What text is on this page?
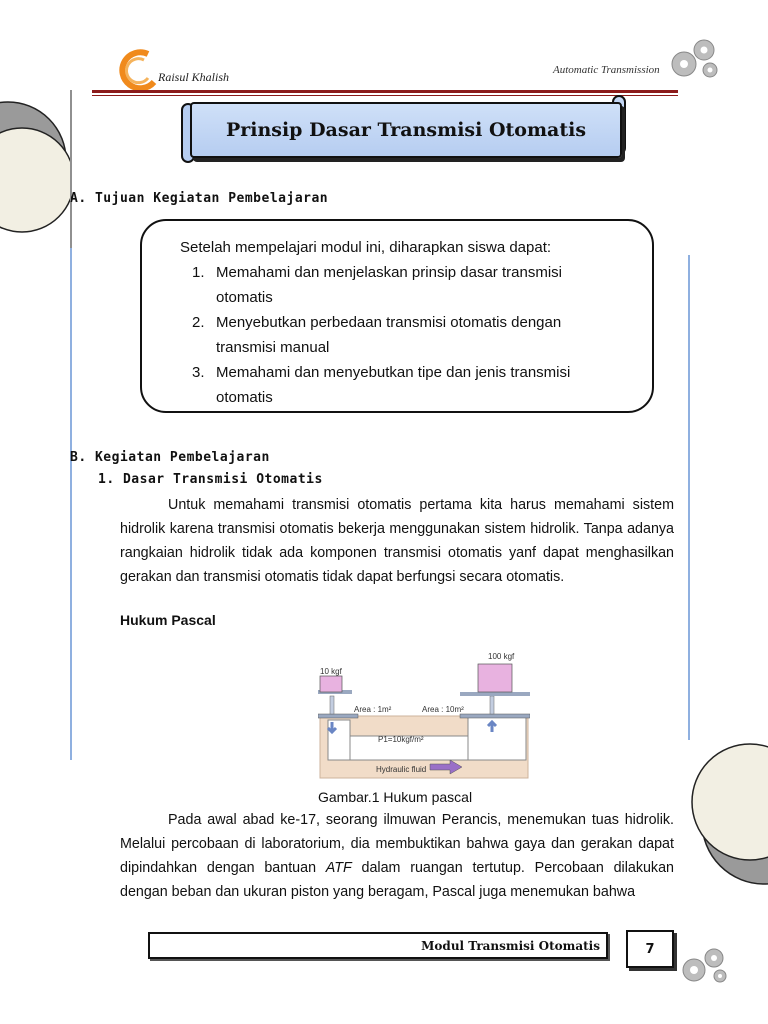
Raisul Khalish	Automatic Transmission
Prinsip Dasar Transmisi Otomatis
A. Tujuan Kegiatan Pembelajaran
Setelah mempelajari modul ini, diharapkan siswa dapat:
1. Memahami dan menjelaskan prinsip dasar transmisi otomatis
2. Menyebutkan perbedaan transmisi otomatis dengan transmisi manual
3. Memahami dan menyebutkan tipe dan jenis transmisi otomatis
B. Kegiatan Pembelajaran
1. Dasar Transmisi Otomatis
Untuk memahami transmisi otomatis pertama kita harus memahami sistem hidrolik karena transmisi otomatis bekerja menggunakan sistem hidrolik. Tanpa adanya rangkaian hidrolik tidak ada komponen transmisi otomatis yanf dapat menghasilkan gerakan dan transmisi otomatis tidak dapat berfungsi secara otomatis.
Hukum Pascal
10 kgf
100 kgf
Area : 1m²	Area : 10m²
P1=10kgf/m²
Hydraulic fluid
Gambar.1 Hukum pascal
Pada awal abad ke-17, seorang ilmuwan Perancis, menemukan tuas hidrolik. Melalui percobaan di laboratorium, dia membuktikan bahwa gaya dan gerakan dapat dipindahkan dengan bantuan ATF dalam ruangan tertutup. Percobaan dilakukan dengan beban dan ukuran piston yang beragam, Pascal juga menemukan bahwa
Modul Transmisi Otomatis	7
